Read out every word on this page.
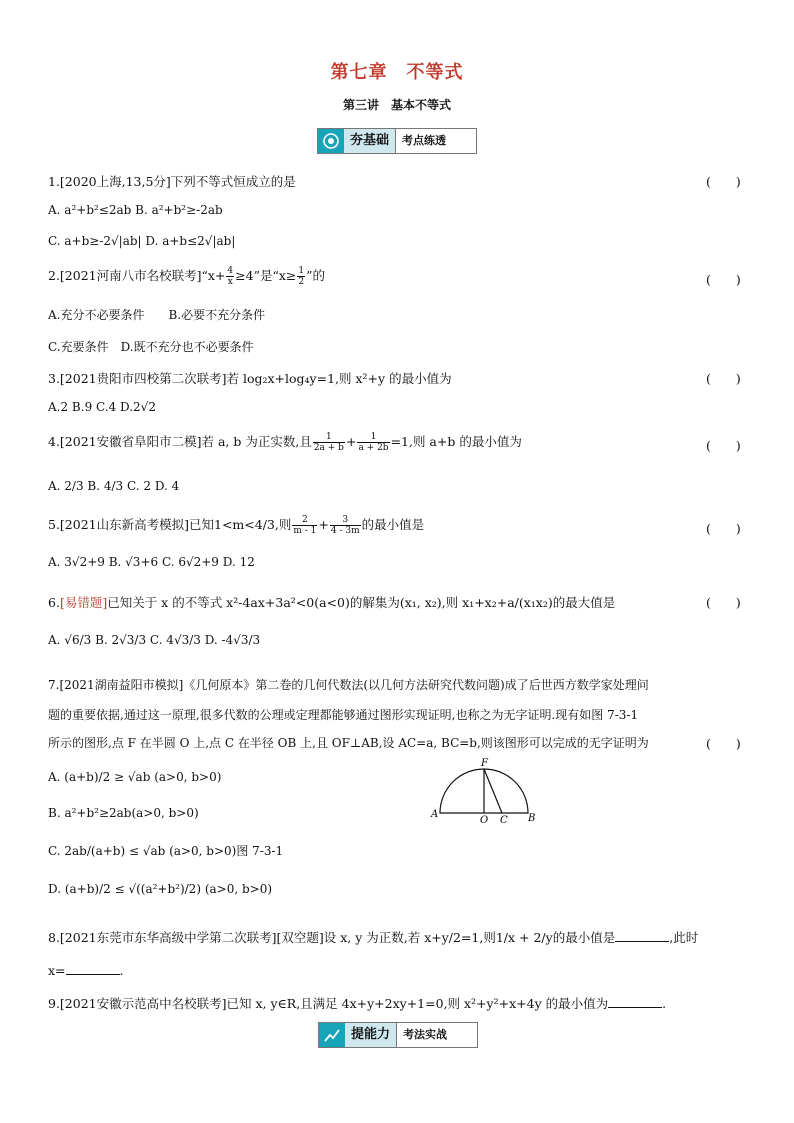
第七章　不等式
第三讲　基本不等式
夯基础	考点练透
1.[2020上海,13,5分]下列不等式恒成立的是	(　　)
A. a²+b²≤2ab B. a²+b²≥-2ab
C. a+b≥-2√|ab| D. a+b≤2√|ab|
2.[2021河南八市名校联考]“x+ $\frac{4}{x} \ge 4$”是“$x\ge \frac{1}{2}$ ”的	(　　)
A.充分不必要条件　　B.必要不充分条件
C.充要条件　D.既不充分也不必要条件
3.[2021贵阳市四校第二次联考]若 log₂x+log₄y=1,则 x²+y 的最小值为	(　　)
A.2 B.9 C.4 D.2√2
4.[2021安徽省阜阳市二模]若 a, b 为正实数,且 $\frac{1}{2a + b} + \frac{1}{a + 2b} =1$,则 a+b 的最小值为	(　　)
A. 2/3 B. 4/3 C. 2 D. 4
5.[2021山东新高考模拟]已知1<m<4/3,则 $\frac{2}{m - 1} + \frac{3}{4 - 3m}$ 的最小值是	(　　)
A. 3√2+9 B. √3+6 C. 6√2+9 D. 12
6.[易错题]已知关于 x 的不等式 x²-4ax+3a²<0(a<0)的解集为(x₁, x₂),则 x₁+x₂+a/(x₁x₂)的最大值是	(　　)
A. √6/3 B. 2√3/3 C. 4√3/3 D. -4√3/3
7.[2021湖南益阳市模拟]《几何原本》第二卷的几何代数法(以几何方法研究代数问题)成了后世西方数学家处理问
题的重要依据,通过这一原理,很多代数的公理或定理都能够通过图形实现证明,也称之为无字证明.现有如图 7-3-1
所示的图形,点 F 在半圆 O 上,点 C 在半径 OB 上,且 OF⊥AB,设 AC=a, BC=b,则该图形可以完成的无字证明为	(　　)
A. (a+b)/2 ≥ √ab (a>0, b>0)
B. a²+b²≥2ab(a>0, b>0)
C. 2ab/(a+b) ≤ √ab (a>0, b>0)图 7-3-1
D. (a+b)/2 ≤ √((a²+b²)/2) (a>0, b>0)
A
O C B
F
8.[2021东莞市东华高级中学第二次联考][双空题]设 x, y 为正数,若 x+y/2=1,则1/x + 2/y的最小值是	,此时
x=	.
9.[2021安徽示范高中名校联考]已知 x, y∈R,且满足 4x+y+2xy+1=0,则 x²+y²+x+4y 的最小值为	.
提能力	考法实战
